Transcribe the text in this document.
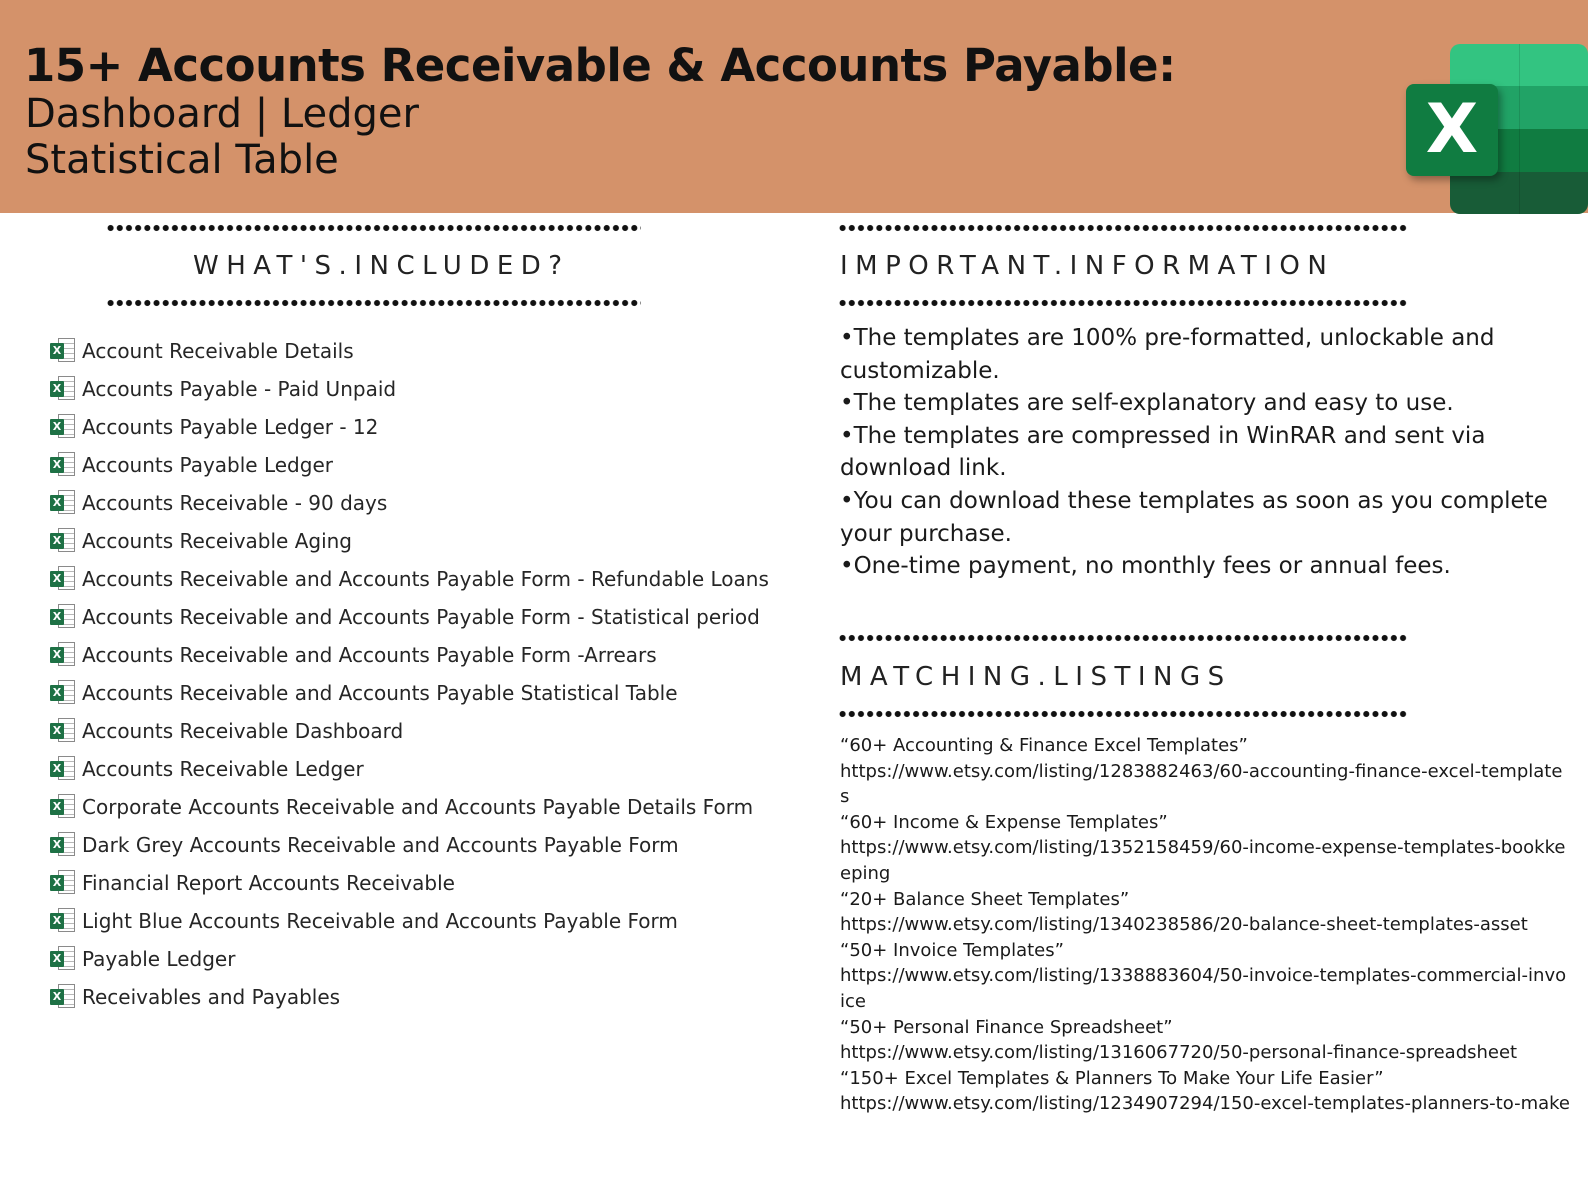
15+ Accounts Receivable & Accounts Payable:
Dashboard | Ledger
Statistical Table	X
WHAT'S.INCLUDED?
X Account Receivable Details
X Accounts Payable - Paid Unpaid
X Accounts Payable Ledger - 12
X Accounts Payable Ledger
X Accounts Receivable - 90 days
X Accounts Receivable Aging
X Accounts Receivable and Accounts Payable Form - Refundable Loans
X Accounts Receivable and Accounts Payable Form - Statistical period
X Accounts Receivable and Accounts Payable Form -Arrears
X Accounts Receivable and Accounts Payable Statistical Table
X Accounts Receivable Dashboard
X Accounts Receivable Ledger
X Corporate Accounts Receivable and Accounts Payable Details Form
X Dark Grey Accounts Receivable and Accounts Payable Form
X Financial Report Accounts Receivable
X Light Blue Accounts Receivable and Accounts Payable Form
X Payable Ledger
X Receivables and Payables
IMPORTANT.INFORMATION
• The templates are 100% pre-formatted, unlockable and customizable.
• The templates are self-explanatory and easy to use.
• The templates are compressed in WinRAR and sent via download link.
• You can download these templates as soon as you complete your purchase.
• One-time payment, no monthly fees or annual fees.
MATCHING.LISTINGS
“60+ Accounting & Finance Excel Templates”
https://www.etsy.com/listing/1283882463/60-accounting-finance-excel-templates
“60+ Income & Expense Templates”
https://www.etsy.com/listing/1352158459/60-income-expense-templates-bookkeeping
“20+ Balance Sheet Templates”
https://www.etsy.com/listing/1340238586/20-balance-sheet-templates-asset
“50+ Invoice Templates”
https://www.etsy.com/listing/1338883604/50-invoice-templates-commercial-invoice
“50+ Personal Finance Spreadsheet”
https://www.etsy.com/listing/1316067720/50-personal-finance-spreadsheet
“150+ Excel Templates & Planners To Make Your Life Easier”
https://www.etsy.com/listing/1234907294/150-excel-templates-planners-to-make
